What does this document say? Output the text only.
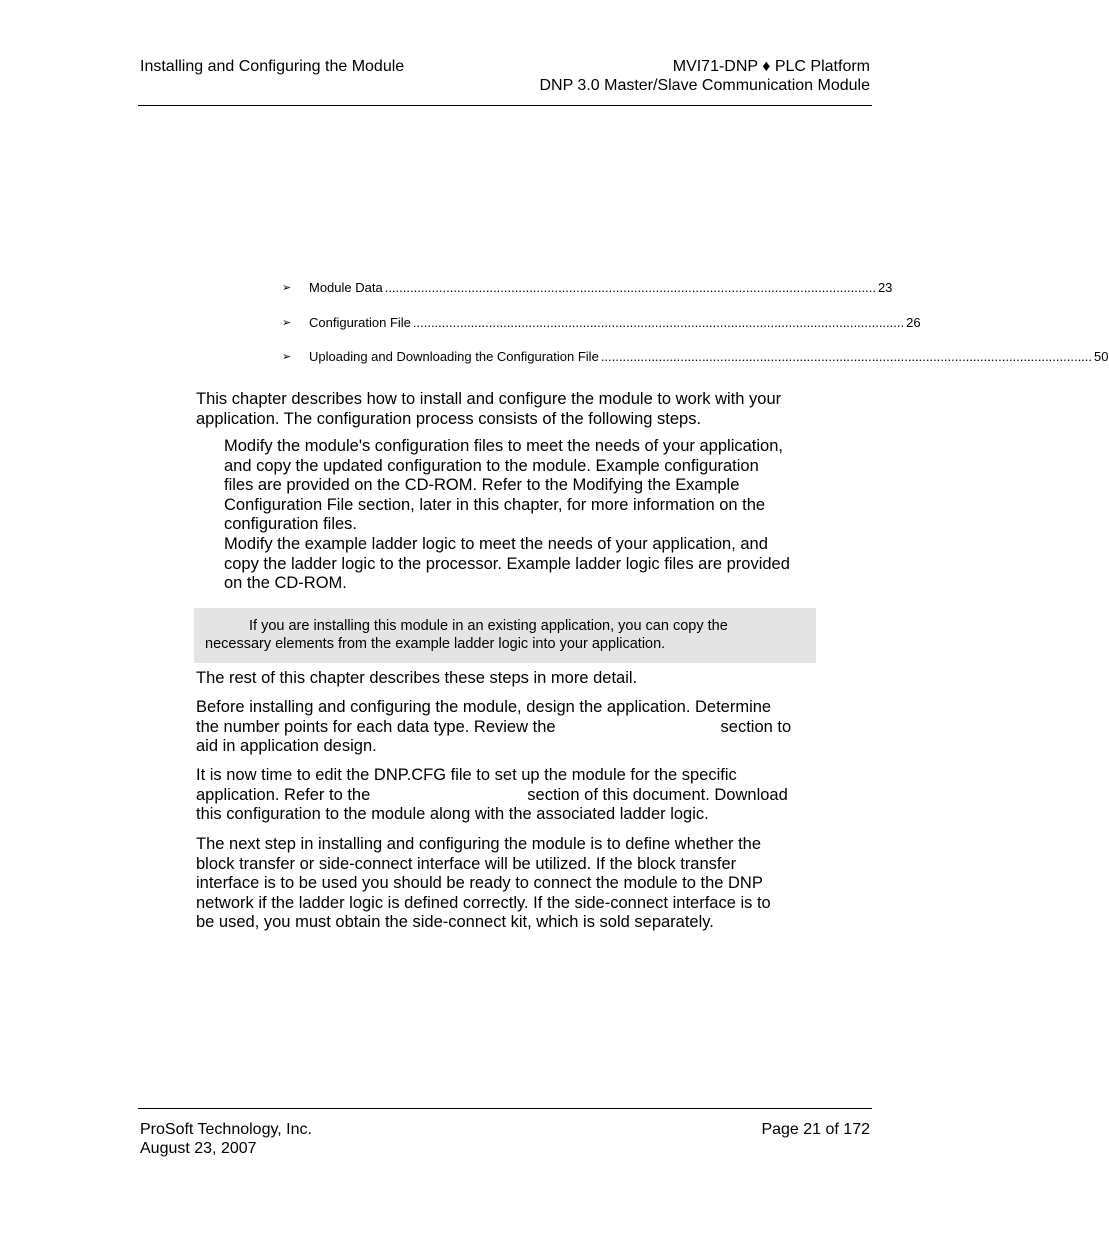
Installing and Configuring the Module	MVI71-DNP ♦ PLC Platform
DNP 3.0 Master/Slave Communication Module
➢ Module Data ........................................................................................................................................ 23
➢ Configuration File ........................................................................................................................................ 26
➢ Uploading and Downloading the Configuration File ........................................................................................................................................ 50
This chapter describes how to install and configure the module to work with your
application. The configuration process consists of the following steps.
Modify the module's configuration files to meet the needs of your application,
and copy the updated configuration to the module. Example configuration
files are provided on the CD-ROM. Refer to the Modifying the Example
Configuration File section, later in this chapter, for more information on the
configuration files.
Modify the example ladder logic to meet the needs of your application, and
copy the ladder logic to the processor. Example ladder logic files are provided
on the CD-ROM.
If you are installing this module in an existing application, you can copy the
necessary elements from the example ladder logic into your application.
The rest of this chapter describes these steps in more detail.
Before installing and configuring the module, design the application. Determine
the number points for each data type. Review the	section to
aid in application design.
It is now time to edit the DNP.CFG file to set up the module for the specific
application. Refer to the	section of this document. Download
this configuration to the module along with the associated ladder logic.
The next step in installing and configuring the module is to define whether the
block transfer or side-connect interface will be utilized. If the block transfer
interface is to be used you should be ready to connect the module to the DNP
network if the ladder logic is defined correctly. If the side-connect interface is to
be used, you must obtain the side-connect kit, which is sold separately.
ProSoft Technology, Inc.
August 23, 2007
Page 21 of 172
